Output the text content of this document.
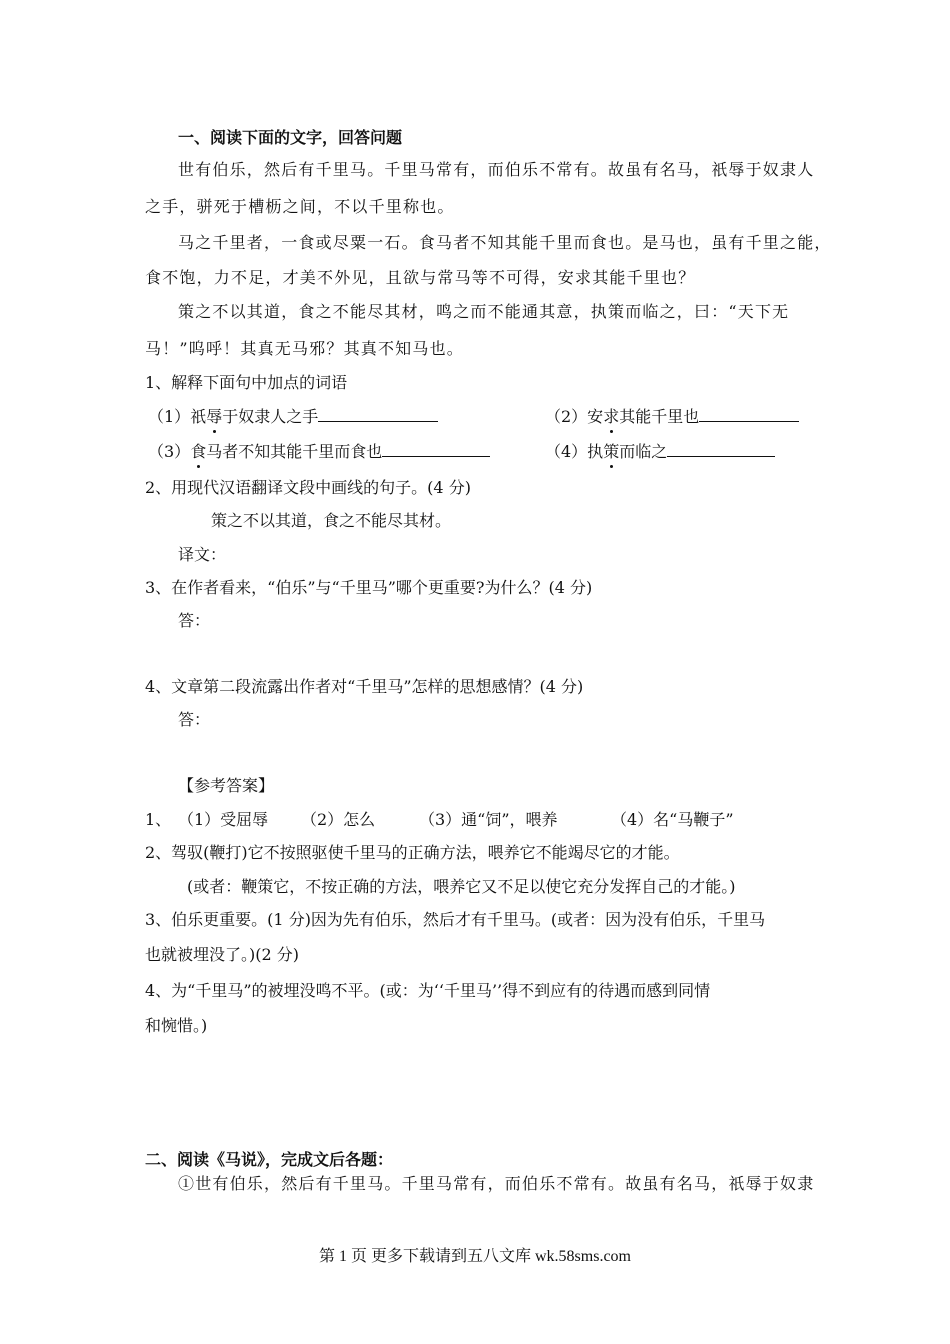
一、阅读下面的文字，回答问题
世有伯乐，然后有千里马。千里马常有，而伯乐不常有。故虽有名马，祇辱于奴隶人
之手，骈死于槽枥之间，不以千里称也。
马之千里者，一食或尽粟一石。食马者不知其能千里而食也。是马也，虽有千里之能，
食不饱，力不足，才美不外见，且欲与常马等不可得，安求其能千里也？
策之不以其道，食之不能尽其材，鸣之而不能通其意，执策而临之，曰：“天下无
马！”呜呼！其真无马邪？其真不知马也。
1、解释下面句中加点的词语
（1）祇辱于奴隶人之手	（2）安求其能千里也
（3）食马者不知其能千里而食也	（4）执策而临之
2、用现代汉语翻译文段中画线的句子。(4 分)
策之不以其道，食之不能尽其材。
译文：
3、在作者看来，“伯乐”与“千里马”哪个更重要?为什么？(4 分)
答：
4、文章第二段流露出作者对“千里马”怎样的思想感情？(4 分)
答：
【参考答案】
1、 （1）受屈辱 （2）怎么	（3）通“饲”，喂养	（4）名“马鞭子”
2、驾驭(鞭打)它不按照驱使千里马的正确方法，喂养它不能竭尽它的才能。
(或者：鞭策它，不按正确的方法，喂养它又不足以使它充分发挥自己的才能。)
3、伯乐更重要。(1 分)因为先有伯乐，然后才有千里马。(或者：因为没有伯乐，千里马
也就被埋没了。)(2 分)
4、为“千里马”的被埋没鸣不平。(或：为‘‘千里马’’得不到应有的待遇而感到同情
和惋惜。)
二、阅读《马说》，完成文后各题：
①世有伯乐，然后有千里马。千里马常有，而伯乐不常有。故虽有名马，祇辱于奴隶
第 1 页 更多下载请到五八文库 wk.58sms.com
